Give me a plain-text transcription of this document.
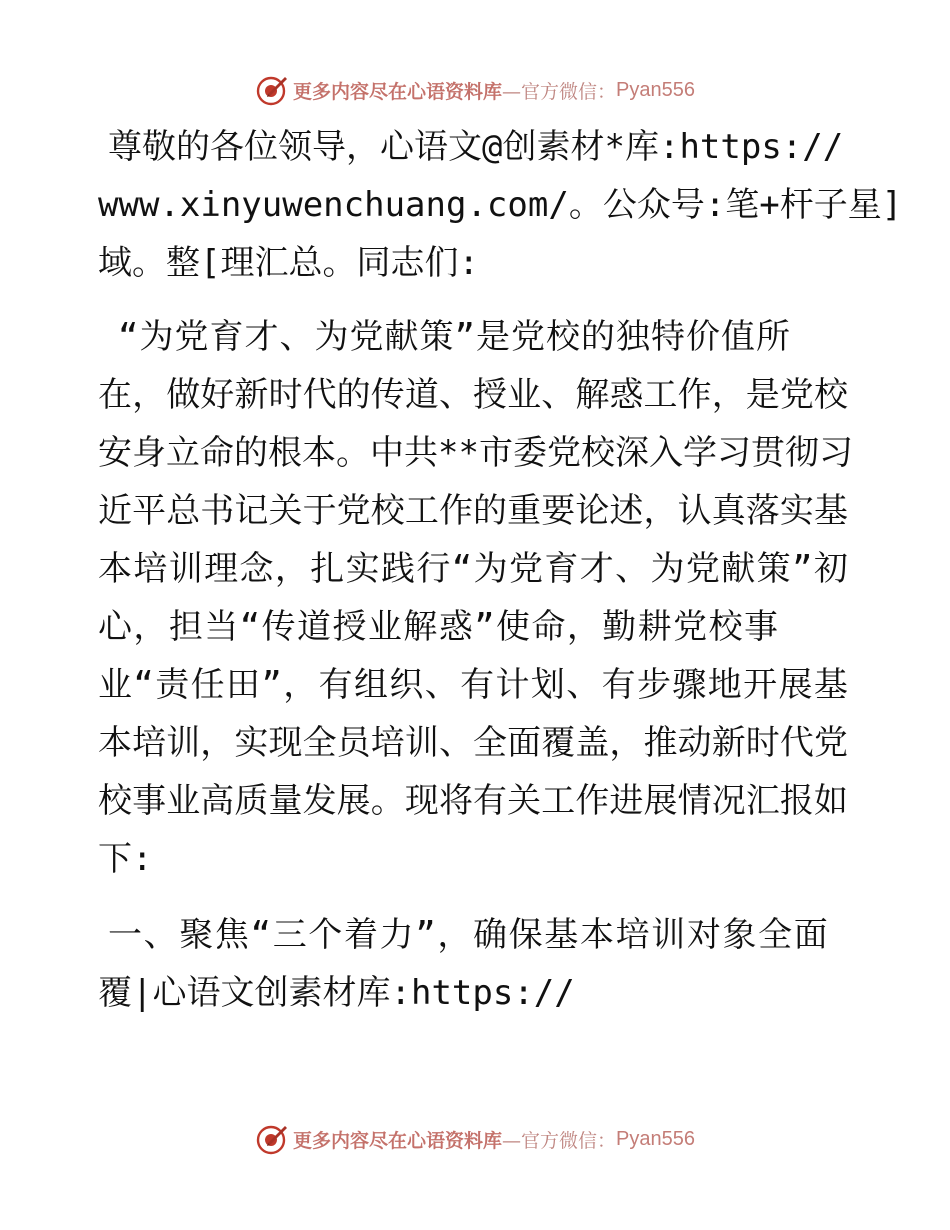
更多内容尽在心语资料库 —官方微信： Pyan556
尊 敬 的 各 位 领 导 ， 心 语 文 @ 创 素 材 * 库 : https://
www.xinyuwenchuang.com/ 。 公 众 号 : 笔 + 杆 子 星 ]
域。整[理汇总。同志们:
“ 为 党 育 才 、 为 党 献 策 ” 是 党 校 的 独 特 价 值 所
在 ， 做 好 新 时 代 的 传 道 、 授 业 、 解 惑 工 作 ， 是 党 校
安 身 立 命 的 根 本 。 中 共 ** 市 委 党 校 深 入 学 习 贯 彻 习
近 平 总 书 记 关 于 党 校 工 作 的 重 要 论 述 ， 认 真 落 实 基
本 培 训 理 念 ， 扎 实 践 行 “ 为 党 育 才 、 为 党 献 策 ” 初
心 ， 担 当 “ 传 道 授 业 解 惑 ” 使 命 ， 勤 耕 党 校 事
业 “ 责 任 田 ” ， 有 组 织 、 有 计 划 、 有 步 骤 地 开 展 基
本 培 训 ， 实 现 全 员 培 训 、 全 面 覆 盖 ， 推 动 新 时 代 党
校 事 业 高 质 量 发 展 。 现 将 有 关 工 作 进 展 情 况 汇 报 如
下:
一 、 聚 焦 “ 三 个 着 力 ” ， 确 保 基 本 培 训 对 象 全 面
覆 | 心 语 文 创 素 材 库 : https://
更多内容尽在心语资料库 —官方微信： Pyan556
